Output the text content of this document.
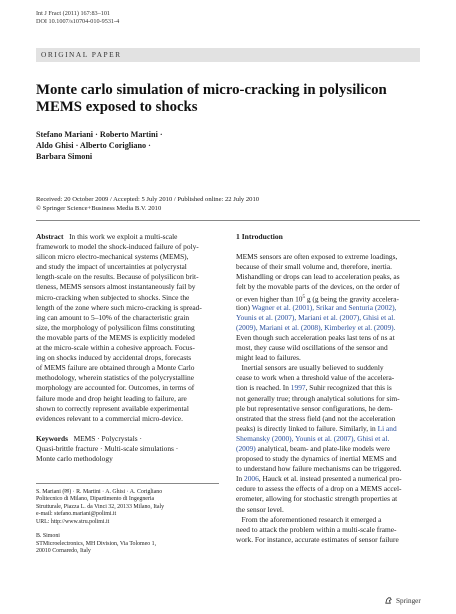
Int J Fract (2011) 167:83–101
DOI 10.1007/s10704-010-9531-4
ORIGINAL PAPER
Monte carlo simulation of micro-cracking in polysilicon
MEMS exposed to shocks
Stefano Mariani · Roberto Martini ·
Aldo Ghisi · Alberto Corigliano ·
Barbara Simoni
Received: 20 October 2009 / Accepted: 5 July 2010 / Published online: 22 July 2010
© Springer Science+Business Media B.V. 2010
Abstract In this work we exploit a multi-scale
framework to model the shock-induced failure of poly-
silicon micro electro-mechanical systems (MEMS),
and study the impact of uncertainties at polycrystal
length-scale on the results. Because of polysilicon brit-
tleness, MEMS sensors almost instantaneously fail by
micro-cracking when subjected to shocks. Since the
length of the zone where such micro-cracking is spread-
ing can amount to 5–10% of the characteristic grain
size, the morphology of polysilicon films constituting
the movable parts of the MEMS is explicitly modeled
at the micro-scale within a cohesive approach. Focus-
ing on shocks induced by accidental drops, forecasts
of MEMS failure are obtained through a Monte Carlo
methodology, wherein statistics of the polycrystalline
morphology are accounted for. Outcomes, in terms of
failure mode and drop height leading to failure, are
shown to correctly represent available experimental
evidences relevant to a commercial micro-device.
Keywords MEMS · Polycrystals ·
Quasi-brittle fracture · Multi-scale simulations ·
Monte carlo methodology
S. Mariani (✉) · R. Martini · A. Ghisi · A. Corigliano
Politecnico di Milano, Dipartimento di Ingegneria
Strutturale, Piazza L. da Vinci 32, 20133 Milano, Italy
e-mail: stefano.mariani@polimi.it
URL: http://www.stru.polimi.it
B. Simoni
STMicroelectronics, MH Division, Via Tolomeo 1,
20010 Cornaredo, Italy
1 Introduction
MEMS sensors are often exposed to extreme loadings,
because of their small volume and, therefore, inertia.
Mishandling or drops can lead to acceleration peaks, as
felt by the movable parts of the devices, on the order of
or even higher than $10^5$ g (g being the gravity accelera-
tion) Wagner et al. (2001), Srikar and Senturia (2002),
Younis et al. (2007), Mariani et al. (2007), Ghisi et al.
(2009), Mariani et al. (2008), Kimberley et al. (2009).
Even though such acceleration peaks last tens of ns at
most, they cause wild oscillations of the sensor and
might lead to failures.
Inertial sensors are usually believed to suddenly
cease to work when a threshold value of the accelera-
tion is reached. In 1997, Suhir recognized that this is
not generally true; through analytical solutions for sim-
ple but representative sensor configurations, he dem-
onstrated that the stress field (and not the acceleration
peaks) is directly linked to failure. Similarly, in Li and
Shemansky (2000), Younis et al. (2007), Ghisi et al.
(2009) analytical, beam- and plate-like models were
proposed to study the dynamics of inertial MEMS and
to understand how failure mechanisms can be triggered.
In 2006, Hauck et al. instead presented a numerical pro-
cedure to assess the effects of a drop on a MEMS accel-
erometer, allowing for stochastic strength properties at
the sensor level.
From the aforementioned research it emerged a
need to attack the problem within a multi-scale frame-
work. For instance, accurate estimates of sensor failure
Springer
